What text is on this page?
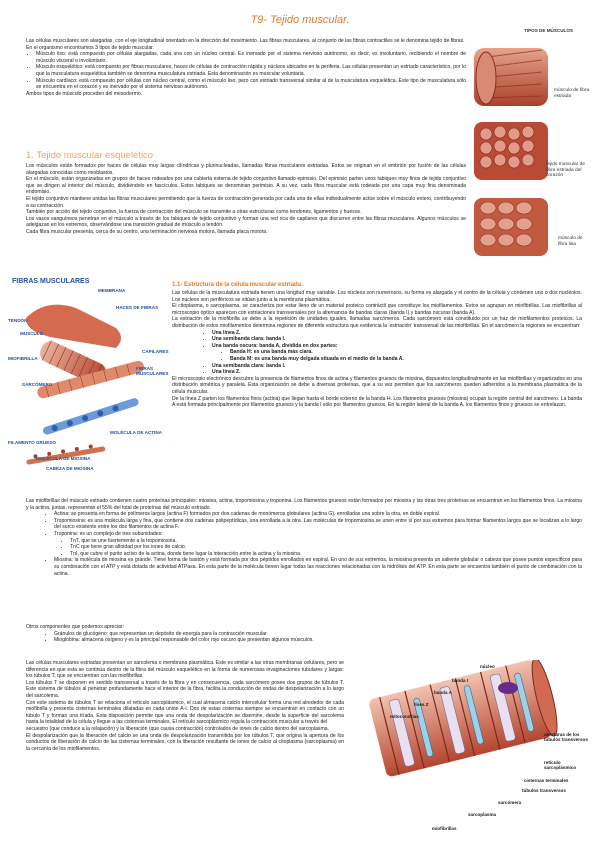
T9- Tejido muscular.
Las células musculares son alargadas, con el eje longitudinal orientado en la dirección del movimiento. Las fibras musculares, al conjunto de las fibras contractiles se le denomina tejido de fibras.
En el organismo encontramos 3 tipos de tejido muscular.
• Músculo liso: está compuesto por células alargadas, cada una con un núcleo central. Es inervado por el sistema nervioso autónomo, es decir, es involuntario, recibiendo el nombre de músculo visceral o involuntario.
• Músculo esquelético: está compuesto por fibras musculares, haces de células de contracción rápida y núcleos ubicados en la periferia. Las células presentan un estriado característico, por lo que la musculatura esquelética también se denomina musculatura estriada. Esta denominación es muscular voluntaria.
• Músculo cardíaco: está compuesto por células con núcleo central, como el músculo liso, pero con estriado transversal similar al de la musculatura esquelética. Este tipo de musculatura sólo se encuentra en el corazón y es inervado por el sistema nervioso autónomo.
Ambos tipos de músculo proceden del mesodermo.
1. Tejido muscular esquelético
Los músculos están formados por haces de células muy largas cilíndricas y plurinucleadas, llamadas fibras musculares estriadas. Estos se originan en el embrión por fusión de las células alargadas conocidas como mioblastos.
En el músculo, están organizadas en grupos de haces rodeados por una cubierta externa de tejido conjuntivo llamado epimisio. Del epimisio parten unos tabiques muy finos de tejido conjuntivo que se dirigen al interior del músculo, dividiéndolo en fascículos. Estos tabiques se denominan perimisio. A su vez, cada fibra muscular está rodeada por una capa muy fina denominada endomisio.
El tejido conjuntivo mantiene unidas las fibras musculares permitiendo que la fuerza de contracción generada por cada una de ellas individualmente actúe sobre el músculo entero, contribuyendo a su contracción.
También por acción del tejido conjuntivo, la fuerza de contracción del músculo se transmite a otras estructuras como tendones, ligamentos y huesos.
Los vasos sanguíneos penetran en el músculo a través de los tabiques de tejido conjuntivo y forman una red rica de capilares que discurren entre las fibras musculares. Algunos músculos se adelgazan en los extremos, observándose una transición gradual de músculo a tendón.
Cada fibra muscular presenta, cerca de su centro, una terminación nerviosa motora, llamada placa motora.
TIPOS DE MÚSCULOS
músculo de fibra estriada
tejido muscular de fibra estriada del corazón
músculo de fibra lisa
FIBRAS MUSCULARES
MEMBRANA
HACES DE FIBRAS
TENDÓN
MÚSCULO
CAPILARES
MIOFIBRILLA
FIBRAS MUSCULARES
SARCÓMERO
MOLÉCULA DE ACTINA
FILAMENTO GRUESO
MOLÉCULA DE MIOSINA
CABEZA DE MIOSINA
1.1- Estructura de la célula muscular estriada.
Las células de la musculatura estriada tienen una longitud muy variable. Los núcleos son numerosos, su forma es alargada y el centro de la célula y contienen uno o dos nucléolos. Los núcleos son periféricos se sitúan junto a la membrana plasmática.
El citoplasma, o sarcoplasma, se caracteriza por estar lleno de un material proteico contráctil que constituye los miofilamentos. Estos se agrupan en miofibrillas. Las miofibrillas al microscopio óptico aparecen con estriaciones transversales por la alternancia de bandas claras (banda I) y bandas oscuras (banda A).
La estriación de la miofibrilla se debe a la repetición de unidades iguales, llamadas sarcómeros. Cada sarcómero está constituido por un haz de miofilamentos proteicos. La distribución de estos miofilamentos determina regiones de diferente estructura que evidencia la ‘estriación’ transversal de las miofibrillas. En el sarcómero la regiones se encuentran:
• Una línea Z.
• Una semibanda clara: banda I.
• Una banda oscura: banda A, dividida en dos partes:
• Banda H: es una banda más clara.
• Banda M: es una banda muy delgada situada en el medio de la banda A.
• Una semibanda clara: banda I.
• Una línea Z.
El microscopio electrónico descubre la presencia de filamentos finos de actina y filamentos gruesos de miosina, dispuestos longitudinalmente en las miofibrillas y organizados en una distribución simétrica y paralela. Esta organización se debe a diversas proteínas, que a su vez permiten que los sarcómeros queden adheridos a la membrana plasmática de la célula muscular.
De la línea Z parten los filamentos finos (actina) que llegan hasta el borde externo de la banda H. Los filamentos gruesos (miosina) ocupan la región central del sarcómero. La banda A está formada principalmente por filamentos gruesos y la banda I sólo por filamentos gruesos. En la región lateral de la banda A, los filamentos finos y gruesos se entrelazan.
Las miofibrillas del músculo estriado contienen cuatro proteínas principales: miosina, actina, tropomiosina y troponina. Los filamentos gruesos están formados por miosina y las otras tres proteínas se encuentran en los filamentos finos. La miosina y la actina, juntas, representan el 55% del total de proteínas del músculo estriado.
• Actina: se presenta en forma de polímeros largos (actina F) formados por dos cadenas de monómeros globulares (actina G), enrolladas una sobre la otra, en doble espiral.
• Tropomiosina: es una molécula larga y fina, que contiene dos cadenas polipeptídicas, una enrollada a la otra. Las moléculas de tropomiosina se unen entre sí por sus extremos para formar filamentos largos que se localizan a lo largo del surco existente entre los dos filamentos de actina F.
• Troponina: es un complejo de tres subunidades:
• TnT, que se une fuertemente a la tropomiosina.
• TnC que tiene gran afinidad por los iones de calcio.
• TnI, que cubre el punto activo de la actina, donde tiene lugar la interacción entre la actina y la miosina.
• Miosina: la molécula de miosina es grande. Tiene forma de bastón y está formada por dos péptidos enrollados en espiral. En uno de sus extremos, la miosina presenta un saliente globular o cabeza que posee puntos específicos para su combinación con el ATP y está dotada de actividad ATPasa. En esta parte de la molécula tienen lugar todas las reacciones relacionadas con la hidrólisis del ATP. En esta parte se encuentra también el punto de combinación con la actina.
Otros componentes que podemos apreciar:
• Gránulos de glucógeno: que representan un depósito de energía para la contracción muscular.
• Mioglobina: almacena oxígeno y es la principal responsable del color rojo oscuro que presentan algunos músculos.
Las células musculares estriadas presentan un sarcolema o membrana plasmática. Este es similar a las otras membranas celulares, pero se diferencia en que esta se continúa dentro de la fibra del músculo esquelético en la forma de numerosas invaginaciones tubulares y largas: los túbulos T, que se encuentran con las miofibrillas.
Los túbulos T se disponen en sentido transversal a través de la fibra y en consecuencia, cada sarcómero posee dos grupos de túbulos T. Este sistema de túbulos al penetrar profundamente hace el interior de la fibra, facilita la conducción de ondas de despolarización a lo largo del sarcolema.
Con este sistema de túbulos T se relaciona el retículo sarcoplásmico, el cual almacena calcio intercelular forma una red alrededor de cada miofibrilla y presenta cisternas terminales dilatadas en cada unión A-I. Dos de estas cisternas siempre se encuentran en contacto con un túbulo T y forman una tríada. Esta disposición permite que una onda de despolarización se disemine, desde la superficie del sarcolema hasta la totalidad de la célula y llegue a las cisternas terminales. El retículo sarcoplásmico regula la contracción muscular a través del
secuestro (que conduce a la relajación) y la liberación (que causa contracción) controlados de iones de calcio dentro del sarcoplasma.
El despolarización que la liberación del calcio se una onda de despolarización transmitida por los túbulos T, que origina la apertura de los conductos de liberación de calcio de las cisternas terminales, con la liberación resultante de iones de calcio al citoplasma (sarcoplasma) en la cercanía de los miofilamentos.
núcleo
banda I
banda A
línea Z
mitocondrias
aberturas de los túbulos transversos
retículo sarcoplásmico
cisternas terminales
túbulos transversos
sarcómera
sarcoplasma
miofibrillas
